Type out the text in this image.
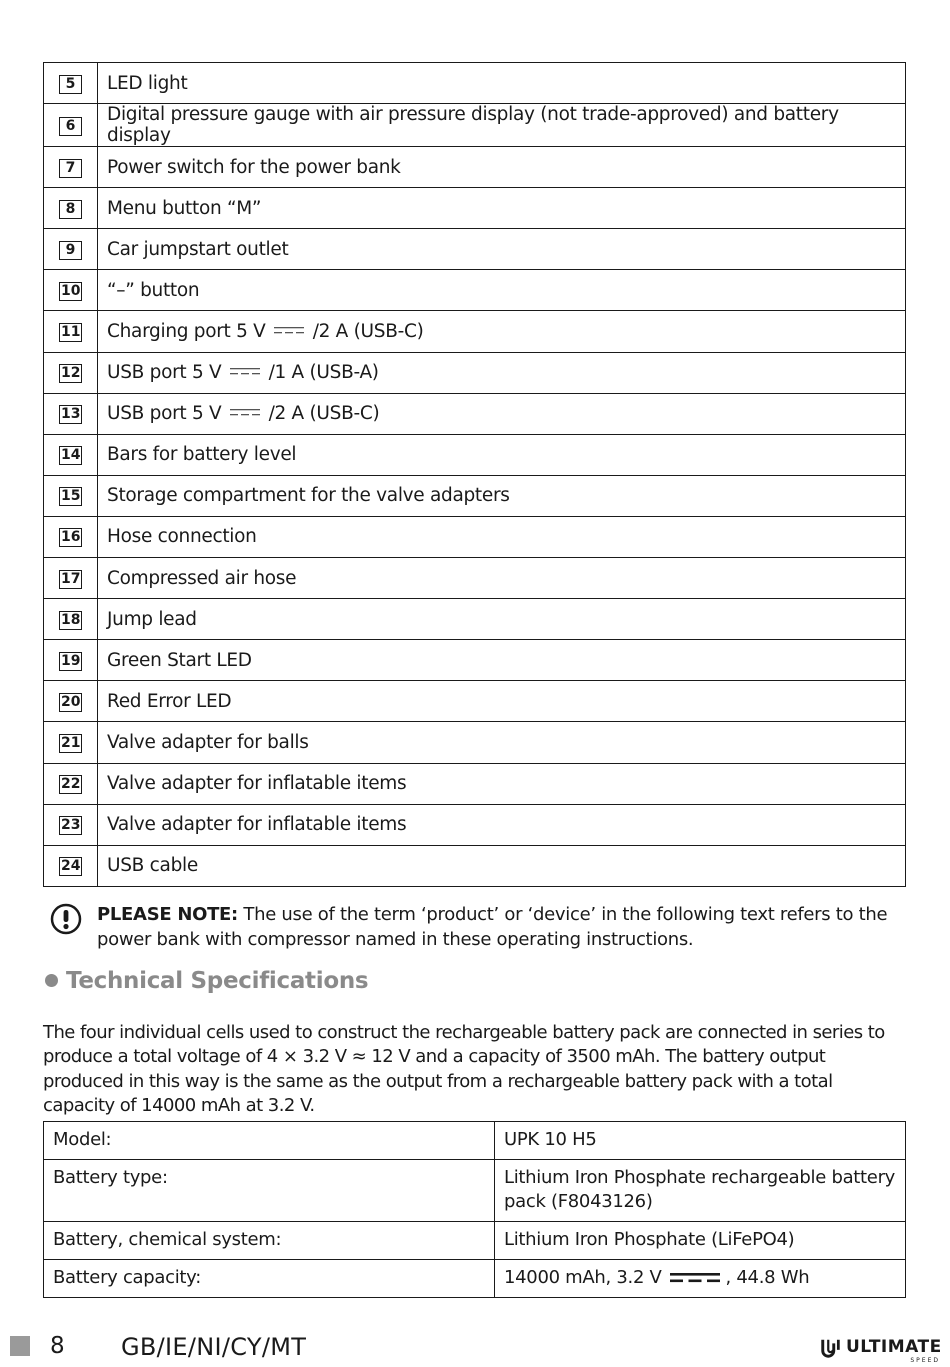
5	LED light
6	Digital pressure gauge with air pressure display (not trade-approved) and battery display
7	Power switch for the power bank
8	Menu button “M”
9	Car jumpstart outlet
10	“–” button
11	Charging port 5 V /2 A (USB-C)
12	USB port 5 V /1 A (USB-A)
13	USB port 5 V /2 A (USB-C)
14	Bars for battery level
15	Storage compartment for the valve adapters
16	Hose connection
17	Compressed air hose
18	Jump lead
19	Green Start LED
20	Red Error LED
21	Valve adapter for balls
22	Valve adapter for inflatable items
23	Valve adapter for inflatable items
24	USB cable
PLEASE NOTE: The use of the term ‘product’ or ‘device’ in the following text refers to the power bank with compressor named in these operating instructions.
Technical Specifications
The four individual cells used to construct the rechargeable battery pack are connected in series to produce a total voltage of 4 × 3.2 V ≈ 12 V and a capacity of 3500 mAh. The battery output produced in this way is the same as the output from a rechargeable battery pack with a total capacity of 14000 mAh at 3.2 V.
Model:	UPK 10 H5
Battery type:	Lithium Iron Phosphate rechargeable battery pack (F8043126)
Battery, chemical system:	Lithium Iron Phosphate (LiFePO4)
Battery capacity:	14000 mAh, 3.2 V , 44.8 Wh
8 GB/IE/NI/CY/MT	ULTIMATE
SPEED
